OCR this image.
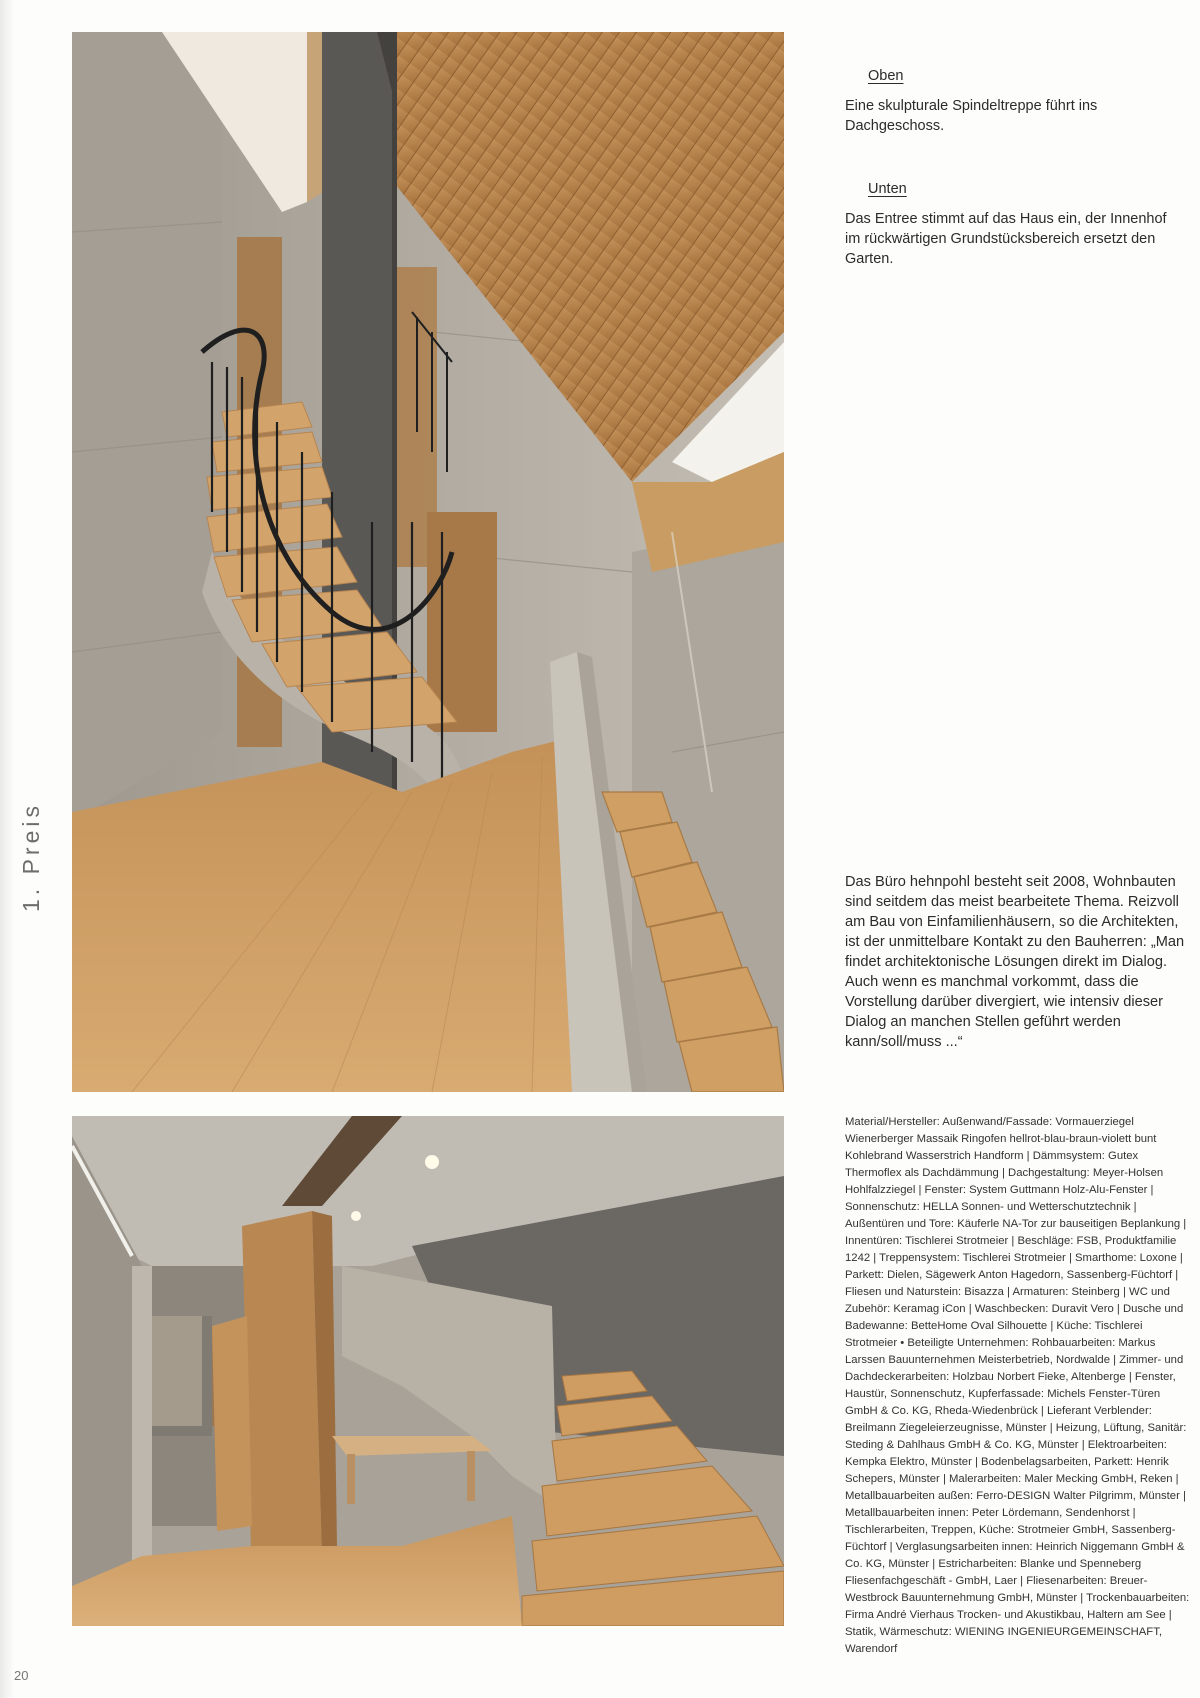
Oben

Eine skulpturale Spindeltreppe führt ins Dachgeschoss.

Unten

Das Entree stimmt auf das Haus ein, der Innenhof im rückwärtigen Grundstücksbereich ersetzt den Garten.

Das Büro hehnpohl besteht seit 2008, Wohnbauten sind seitdem das meist bearbeitete Thema. Reizvoll am Bau von Einfamilienhäusern, so die Architekten, ist der unmittelbare Kontakt zu den Bauherren: „Man findet architektonische Lösungen direkt im Dialog. Auch wenn es manchmal vorkommt, dass die Vorstellung darüber divergiert, wie intensiv dieser Dialog an manchen Stellen geführt werden kann/soll/muss ...“

Material/Hersteller: Außenwand/Fassade: Vormauerziegel Wienerberger Massaik Ringofen hellrot-blau-braun-violett bunt Kohlebrand Wasserstrich Handform | Dämmsystem: Gutex Thermoflex als Dachdämmung | Dachgestaltung: Meyer-Holsen Hohlfalzziegel | Fenster: System Guttmann Holz-Alu-Fenster | Sonnenschutz: HELLA Sonnen- und Wetterschutztechnik | Außentüren und Tore: Käuferle NA-Tor zur bauseitigen Beplankung | Innentüren: Tischlerei Strotmeier | Beschläge: FSB, Produktfamilie 1242 | Treppensystem: Tischlerei Strotmeier | Smarthome: Loxone | Parkett: Dielen, Sägewerk Anton Hagedorn, Sassenberg-Füchtorf | Fliesen und Naturstein: Bisazza | Armaturen: Steinberg | WC und Zubehör: Keramag iCon | Waschbecken: Duravit Vero | Dusche und Badewanne: BetteHome Oval Silhouette | Küche: Tischlerei Strotmeier • Beteiligte Unternehmen: Rohbauarbeiten: Markus Larssen Bauunternehmen Meisterbetrieb, Nordwalde | Zimmer- und Dachdeckerarbeiten: Holzbau Norbert Fieke, Altenberge | Fenster, Haustür, Sonnenschutz, Kupferfassade: Michels Fenster-Türen GmbH & Co. KG, Rheda-Wiedenbrück | Lieferant Verblender: Breilmann Ziegeleierzeugnisse, Münster | Heizung, Lüftung, Sanitär: Steding & Dahlhaus GmbH & Co. KG, Münster | Elektroarbeiten: Kempka Elektro, Münster | Bodenbelagsarbeiten, Parkett: Henrik Schepers, Münster | Malerarbeiten: Maler Mecking GmbH, Reken | Metallbauarbeiten außen: Ferro-DESIGN Walter Pilgrimm, Münster | Metallbauarbeiten innen: Peter Lördemann, Sendenhorst | Tischlerarbeiten, Treppen, Küche: Strotmeier GmbH, Sassenberg-Füchtorf | Verglasungsarbeiten innen: Heinrich Niggemann GmbH & Co. KG, Münster | Estricharbeiten: Blanke und Spenneberg Fliesenfachgeschäft - GmbH, Laer | Fliesenarbeiten: Breuer-Westbrock Bauunternehmung GmbH, Münster | Trockenbauarbeiten: Firma André Vierhaus Trocken- und Akustikbau, Haltern am See | Statik, Wärmeschutz: WIENING INGENIEURGEMEINSCHAFT, Warendorf

1. Preis
20
